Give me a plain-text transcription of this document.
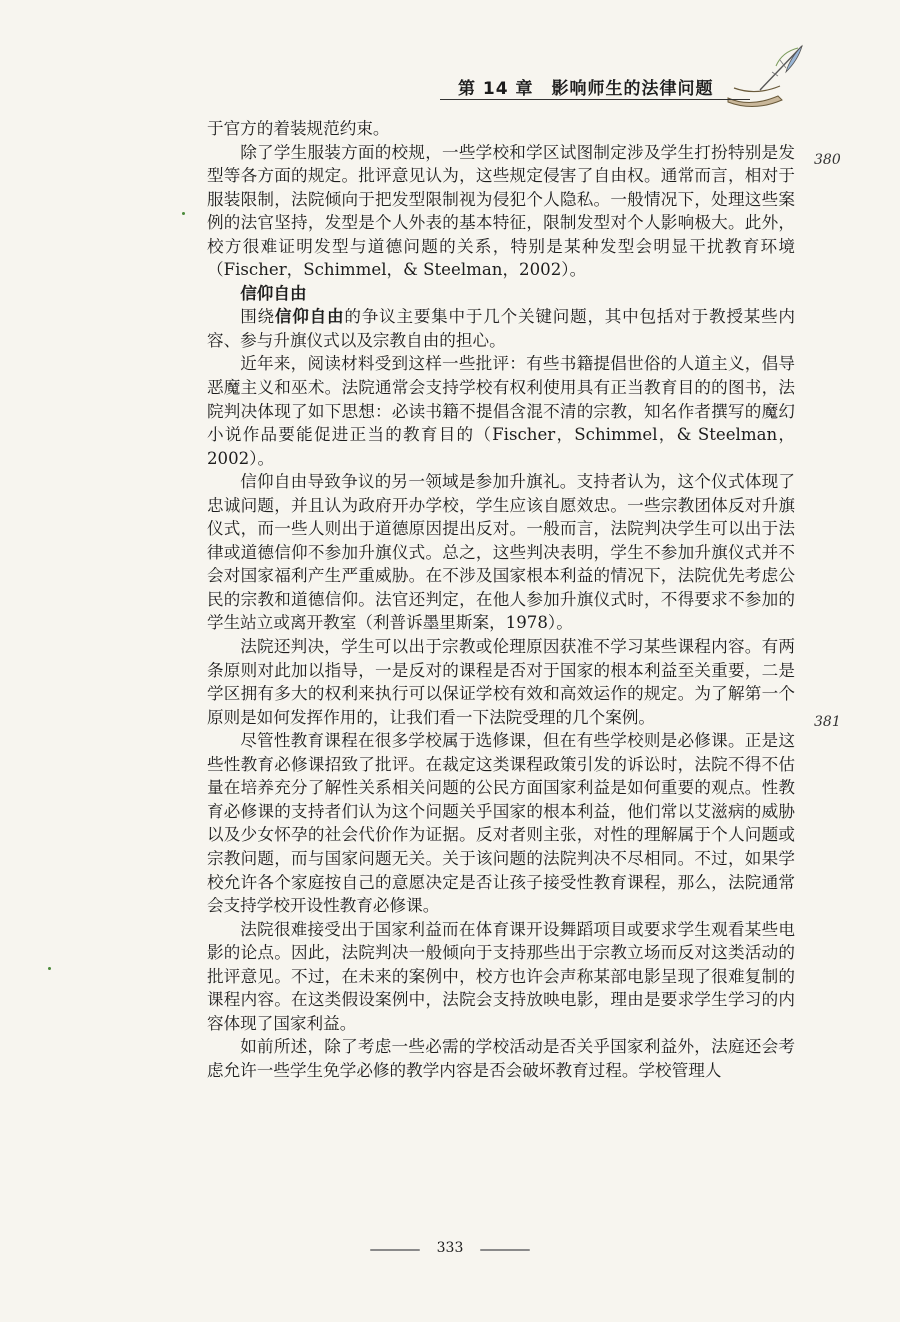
第 14 章 影响师生的法律问题

于官方的着装规范约束。

除了学生服装方面的校规，一些学校和学区试图制定涉及学生打扮特别是发型等各方面的规定。批评意见认为，这些规定侵害了自由权。通常而言，相对于服装限制，法院倾向于把发型限制视为侵犯个人隐私。一般情况下，处理这些案例的法官坚持，发型是个人外表的基本特征，限制发型对个人影响极大。此外，校方很难证明发型与道德问题的关系，特别是某种发型会明显干扰教育环境（Fischer，Schimmel，& Steelman，2002）。

信仰自由

围绕信仰自由的争议主要集中于几个关键问题，其中包括对于教授某些内容、参与升旗仪式以及宗教自由的担心。

近年来，阅读材料受到这样一些批评：有些书籍提倡世俗的人道主义，倡导恶魔主义和巫术。法院通常会支持学校有权利使用具有正当教育目的的图书，法院判决体现了如下思想：必读书籍不提倡含混不清的宗教，知名作者撰写的魔幻小说作品要能促进正当的教育目的（Fischer，Schimmel，& Steelman，2002）。

信仰自由导致争议的另一领域是参加升旗礼。支持者认为，这个仪式体现了忠诚问题，并且认为政府开办学校，学生应该自愿效忠。一些宗教团体反对升旗仪式，而一些人则出于道德原因提出反对。一般而言，法院判决学生可以出于法律或道德信仰不参加升旗仪式。总之，这些判决表明，学生不参加升旗仪式并不会对国家福利产生严重威胁。在不涉及国家根本利益的情况下，法院优先考虑公民的宗教和道德信仰。法官还判定，在他人参加升旗仪式时，不得要求不参加的学生站立或离开教室（利普诉墨里斯案，1978）。

法院还判决，学生可以出于宗教或伦理原因获准不学习某些课程内容。有两条原则对此加以指导，一是反对的课程是否对于国家的根本利益至关重要，二是学区拥有多大的权利来执行可以保证学校有效和高效运作的规定。为了解第一个原则是如何发挥作用的，让我们看一下法院受理的几个案例。

尽管性教育课程在很多学校属于选修课，但在有些学校则是必修课。正是这些性教育必修课招致了批评。在裁定这类课程政策引发的诉讼时，法院不得不估量在培养充分了解性关系相关问题的公民方面国家利益是如何重要的观点。性教育必修课的支持者们认为这个问题关乎国家的根本利益，他们常以艾滋病的威胁以及少女怀孕的社会代价作为证据。反对者则主张，对性的理解属于个人问题或宗教问题，而与国家问题无关。关于该问题的法院判决不尽相同。不过，如果学校允许各个家庭按自己的意愿决定是否让孩子接受性教育课程，那么，法院通常会支持学校开设性教育必修课。

法院很难接受出于国家利益而在体育课开设舞蹈项目或要求学生观看某些电影的论点。因此，法院判决一般倾向于支持那些出于宗教立场而反对这类活动的批评意见。不过，在未来的案例中，校方也许会声称某部电影呈现了很难复制的课程内容。在这类假设案例中，法院会支持放映电影，理由是要求学生学习的内容体现了国家利益。

如前所述，除了考虑一些必需的学校活动是否关乎国家利益外，法庭还会考虑允许一些学生免学必修的教学内容是否会破坏教育过程。学校管理人

380
381
333
